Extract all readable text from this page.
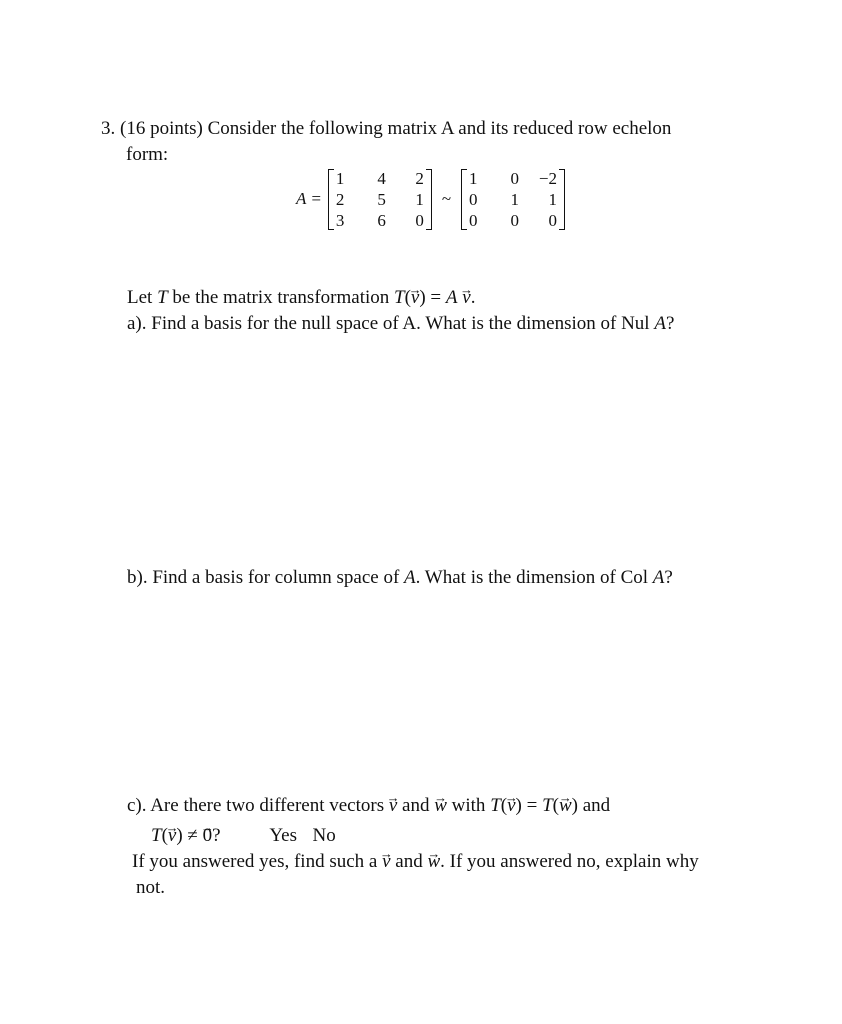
3. (16 points) Consider the following matrix A and its reduced row echelon
form:
A =
1	4	2
2	5	1
3	6	0
~
1	0	−2
0	1	1
0	0	0
Let T be the matrix transformation T(v →) = A v →.
a). Find a basis for the null space of A. What is the dimension of Nul A?
b). Find a basis for column space of A. What is the dimension of Col A?
c). Are there two different vectors v → and w → with T(v →) = T(w →) and
T(v →) ≠ 0 →?	Yes No
If you answered yes, find such a v → and w →. If you answered no, explain why
not.
